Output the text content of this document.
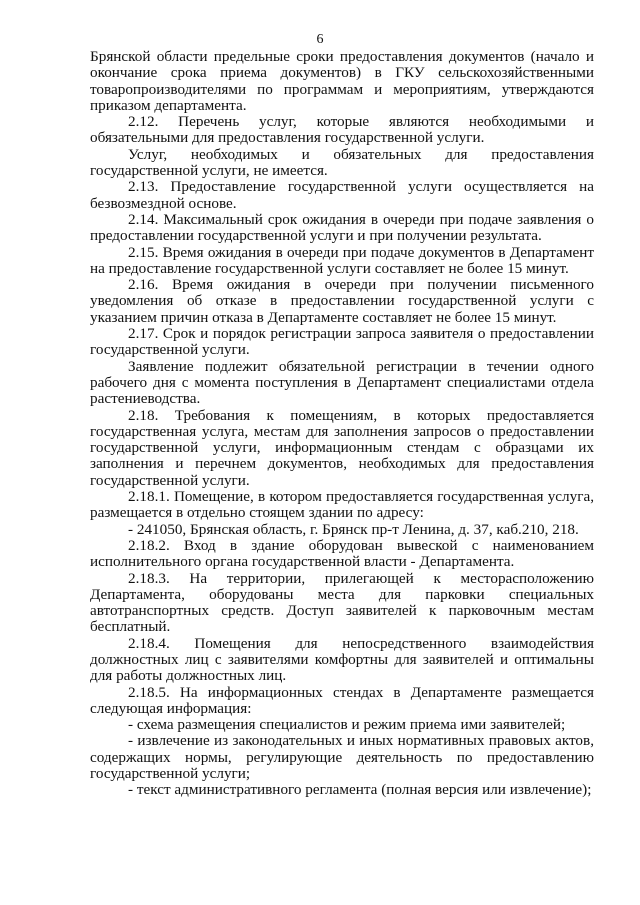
6

Брянской области предельные сроки предоставления документов (начало и окончание срока приема документов) в ГКУ сельскохозяйственными товаропроизводителями по программам и мероприятиям, утверждаются приказом департамента.

2.12. Перечень услуг, которые являются необходимыми и обязательными для предоставления государственной услуги.

Услуг, необходимых и обязательных для предоставления государственной услуги, не имеется.

2.13. Предоставление государственной услуги осуществляется на безвозмездной основе.

2.14. Максимальный срок ожидания в очереди при подаче заявления о предоставлении государственной услуги и при получении результата.

2.15. Время ожидания в очереди при подаче документов в Департамент на предоставление государственной услуги составляет не более 15 минут.

2.16. Время ожидания в очереди при получении письменного уведомления об отказе в предоставлении государственной услуги с указанием причин отказа в Департаменте составляет не более 15 минут.

2.17. Срок и порядок регистрации запроса заявителя о предоставлении государственной услуги.

Заявление подлежит обязательной регистрации в течении одного рабочего дня с момента поступления в Департамент специалистами отдела растениеводства.

2.18. Требования к помещениям, в которых предоставляется государственная услуга, местам для заполнения запросов о предоставлении государственной услуги, информационным стендам с образцами их заполнения и перечнем документов, необходимых для предоставления государственной услуги.

2.18.1. Помещение, в котором предоставляется государственная услуга, размещается в отдельно стоящем здании по адресу:

- 241050, Брянская область, г. Брянск пр-т Ленина, д. 37, каб.210, 218.

2.18.2. Вход в здание оборудован вывеской с наименованием исполнительного органа государственной власти - Департамента.

2.18.3. На территории, прилегающей к месторасположению Департамента, оборудованы места для парковки специальных автотранспортных средств. Доступ заявителей к парковочным местам бесплатный.

2.18.4. Помещения для непосредственного взаимодействия должностных лиц с заявителями комфортны для заявителей и оптимальны для работы должностных лиц.

2.18.5. На информационных стендах в Департаменте размещается следующая информация:

- схема размещения специалистов и режим приема ими заявителей;

- извлечение из законодательных и иных нормативных правовых актов, содержащих нормы, регулирующие деятельность по предоставлению государственной услуги;

- текст административного регламента (полная версия или извлечение);
